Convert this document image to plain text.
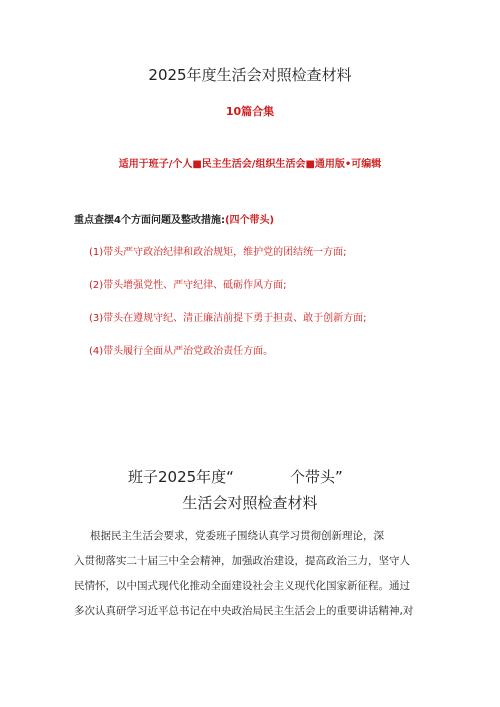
2025年度生活会对照检查材料
10篇合集
适用于班子/个人■民主生活会/组织生活会■通用版•可编辑
重点查摆4个方面问题及整改措施:(四个带头)
(1)带头严守政治纪律和政治规矩，维护党的团结统一方面;
(2)带头增强党性、严守纪律、砥砺作风方面;
(3)带头在遵规守纪、清正廉洁前提下勇于担责、敢于创新方面;
(4)带头履行全面从严治党政治责任方面。
班子2025年度“	个带头”
生活会对照检查材料
根据民主生活会要求，党委班子围绕认真学习贯彻创新理论，深
入贯彻落实二十届三中全会精神，加强政治建设，提高政治三力，坚守人
民情怀，以中国式现代化推动全面建设社会主义现代化国家新征程。通过
多次认真研学习近平总书记在中央政治局民主生活会上的重要讲话精神,对
